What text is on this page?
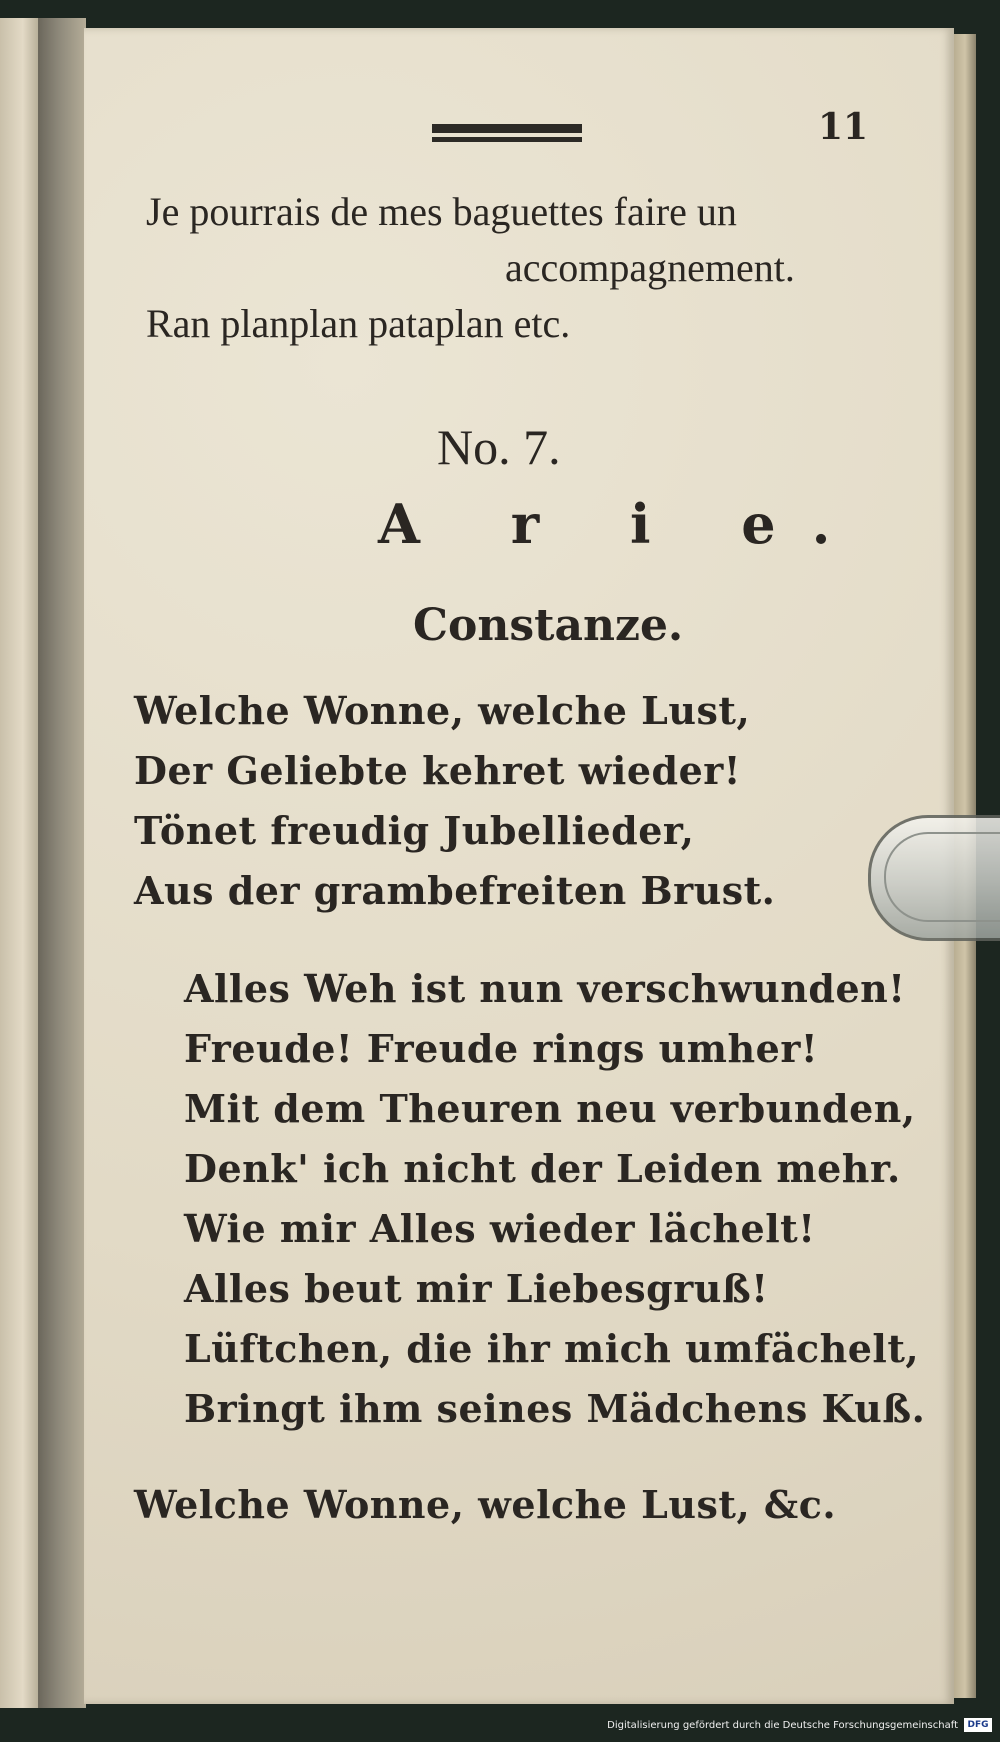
11
Je pourrais de mes baguettes faire un
accompagnement.
Ran planplan pataplan etc.
No. 7.
A r i e.
Constanze.
Welche Wonne, welche Lust,
Der Geliebte kehret wieder!
Tönet freudig Jubellieder,
Aus der grambefreiten Brust.
Alles Weh ist nun verschwunden!
Freude! Freude rings umher!
Mit dem Theuren neu verbunden,
Denk' ich nicht der Leiden mehr.
Wie mir Alles wieder lächelt!
Alles beut mir Liebesgruß!
Lüftchen, die ihr mich umfächelt,
Bringt ihm seines Mädchens Kuß.
Welche Wonne, welche Lust, &c.
Digitalisierung gefördert durch die Deutsche Forschungsgemeinschaft	DFG
